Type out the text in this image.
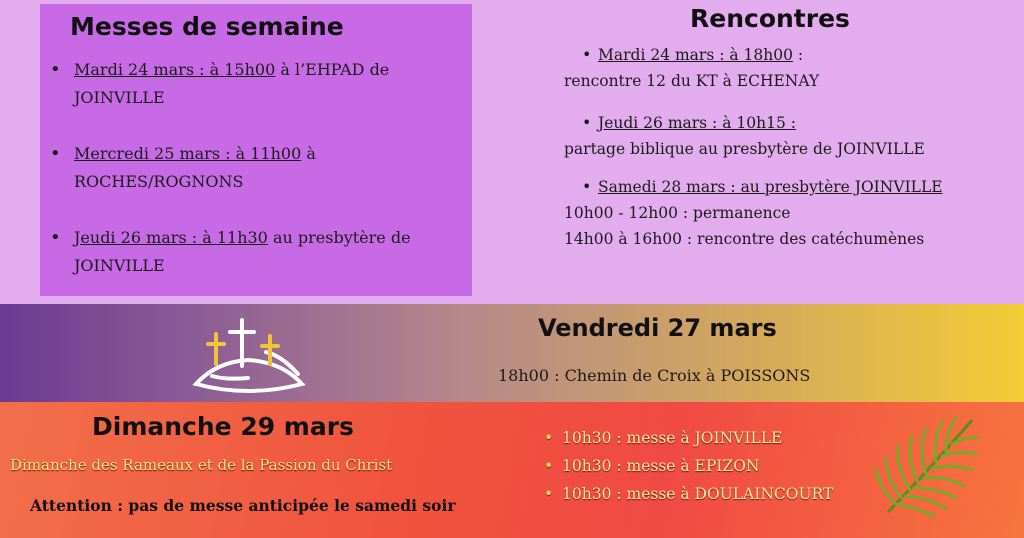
Messes de semaine
• Mardi 24 mars : à 15h00 à l’EHPAD de
JOINVILLE
• Mercredi 25 mars : à 11h00 à
ROCHES/ROGNONS
• Jeudi 26 mars : à 11h30 au presbytère de
JOINVILLE
Rencontres
• Mardi 24 mars : à 18h00 :
rencontre 12 du KT à ECHENAY
• Jeudi 26 mars : à 10h15 :
partage biblique au presbytère de JOINVILLE
• Samedi 28 mars : au presbytère JOINVILLE
10h00 - 12h00 : permanence
14h00 à 16h00 : rencontre des catéchumènes
Vendredi 27 mars
18h00 : Chemin de Croix à POISSONS
Dimanche 29 mars
Dimanche des Rameaux et de la Passion du Christ
Attention : pas de messe anticipée le samedi soir
• 10h30 : messe à JOINVILLE
• 10h30 : messe à EPIZON
• 10h30 : messe à DOULAINCOURT
